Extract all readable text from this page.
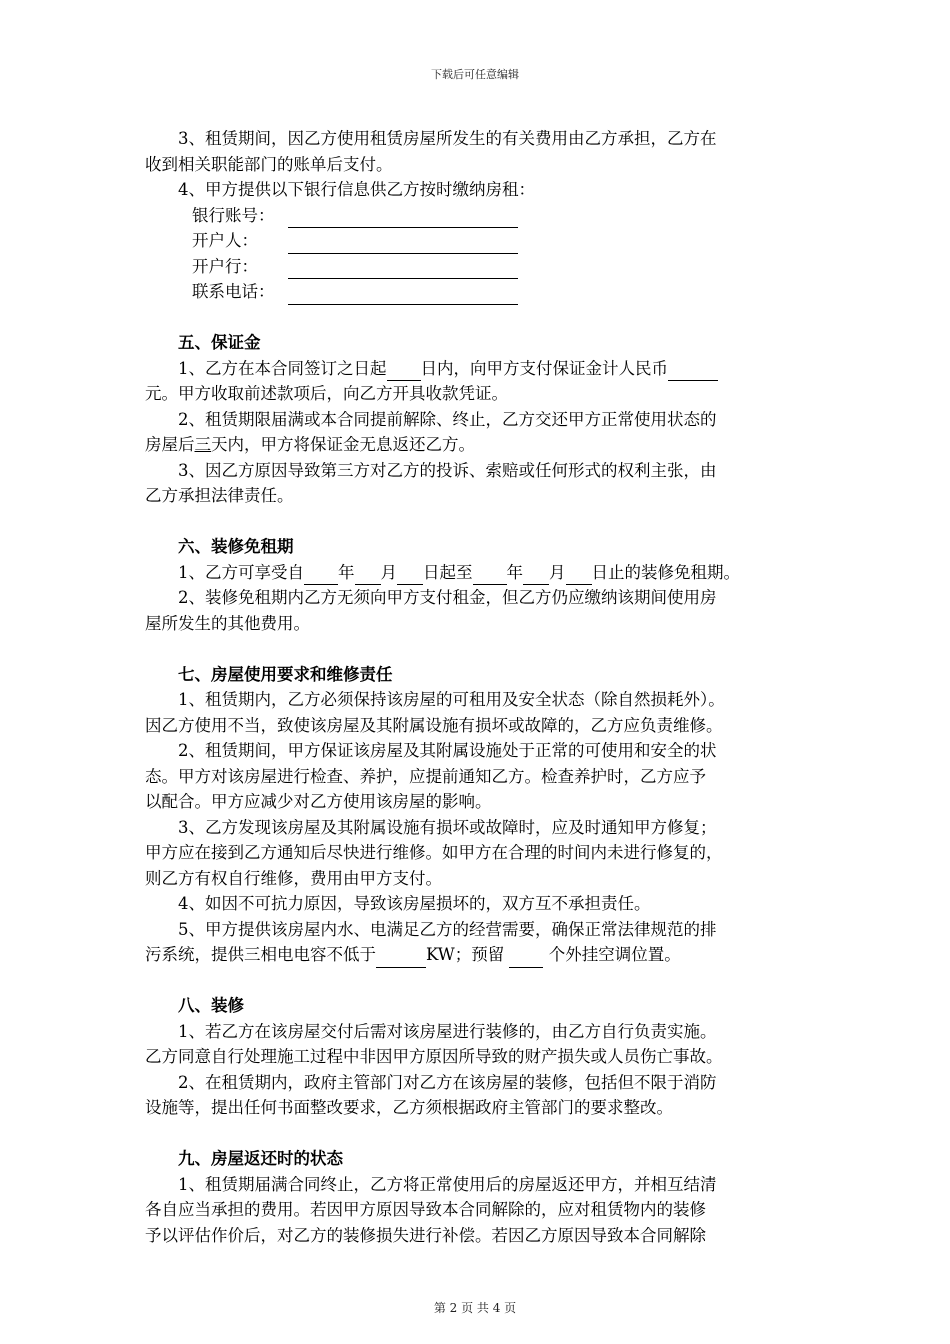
下载后可任意编辑

3、租赁期间，因乙方使用租赁房屋所发生的有关费用由乙方承担，乙方在

收到相关职能部门的账单后支付。

4、甲方提供以下银行信息供乙方按时缴纳房租：

银行账号：
开户人：
开户行：
联系电话：

五、保证金

1、乙方在本合同签订之日起 日内，向甲方支付保证金计人民币

元。甲方收取前述款项后，向乙方开具收款凭证。

2、租赁期限届满或本合同提前解除、终止，乙方交还甲方正常使用状态的

房屋后三天内，甲方将保证金无息返还乙方。

3、因乙方原因导致第三方对乙方的投诉、索赔或任何形式的权利主张，由

乙方承担法律责任。

六、装修免租期

1、乙方可享受自 年 月 日起至 年 月 日止的装修免租期。

2、装修免租期内乙方无须向甲方支付租金，但乙方仍应缴纳该期间使用房

屋所发生的其他费用。

七、房屋使用要求和维修责任

1、租赁期内，乙方必须保持该房屋的可租用及安全状态（除自然损耗外）。

因乙方使用不当，致使该房屋及其附属设施有损坏或故障的，乙方应负责维修。

2、租赁期间，甲方保证该房屋及其附属设施处于正常的可使用和安全的状

态。甲方对该房屋进行检查、养护，应提前通知乙方。检查养护时，乙方应予

以配合。甲方应减少对乙方使用该房屋的影响。

3、乙方发现该房屋及其附属设施有损坏或故障时，应及时通知甲方修复；

甲方应在接到乙方通知后尽快进行维修。如甲方在合理的时间内未进行修复的，

则乙方有权自行维修，费用由甲方支付。

4、如因不可抗力原因，导致该房屋损坏的，双方互不承担责任。

5、甲方提供该房屋内水、电满足乙方的经营需要，确保正常法律规范的排

污系统，提供三相电电容不低于	KW；预留	个外挂空调位置。

八、装修

1、若乙方在该房屋交付后需对该房屋进行装修的，由乙方自行负责实施。

乙方同意自行处理施工过程中非因甲方原因所导致的财产损失或人员伤亡事故。

2、在租赁期内，政府主管部门对乙方在该房屋的装修，包括但不限于消防

设施等，提出任何书面整改要求，乙方须根据政府主管部门的要求整改。

九、房屋返还时的状态

1、租赁期届满合同终止，乙方将正常使用后的房屋返还甲方，并相互结清

各自应当承担的费用。若因甲方原因导致本合同解除的，应对租赁物内的装修

予以评估作价后，对乙方的装修损失进行补偿。若因乙方原因导致本合同解除

第 2 页 共 4 页
